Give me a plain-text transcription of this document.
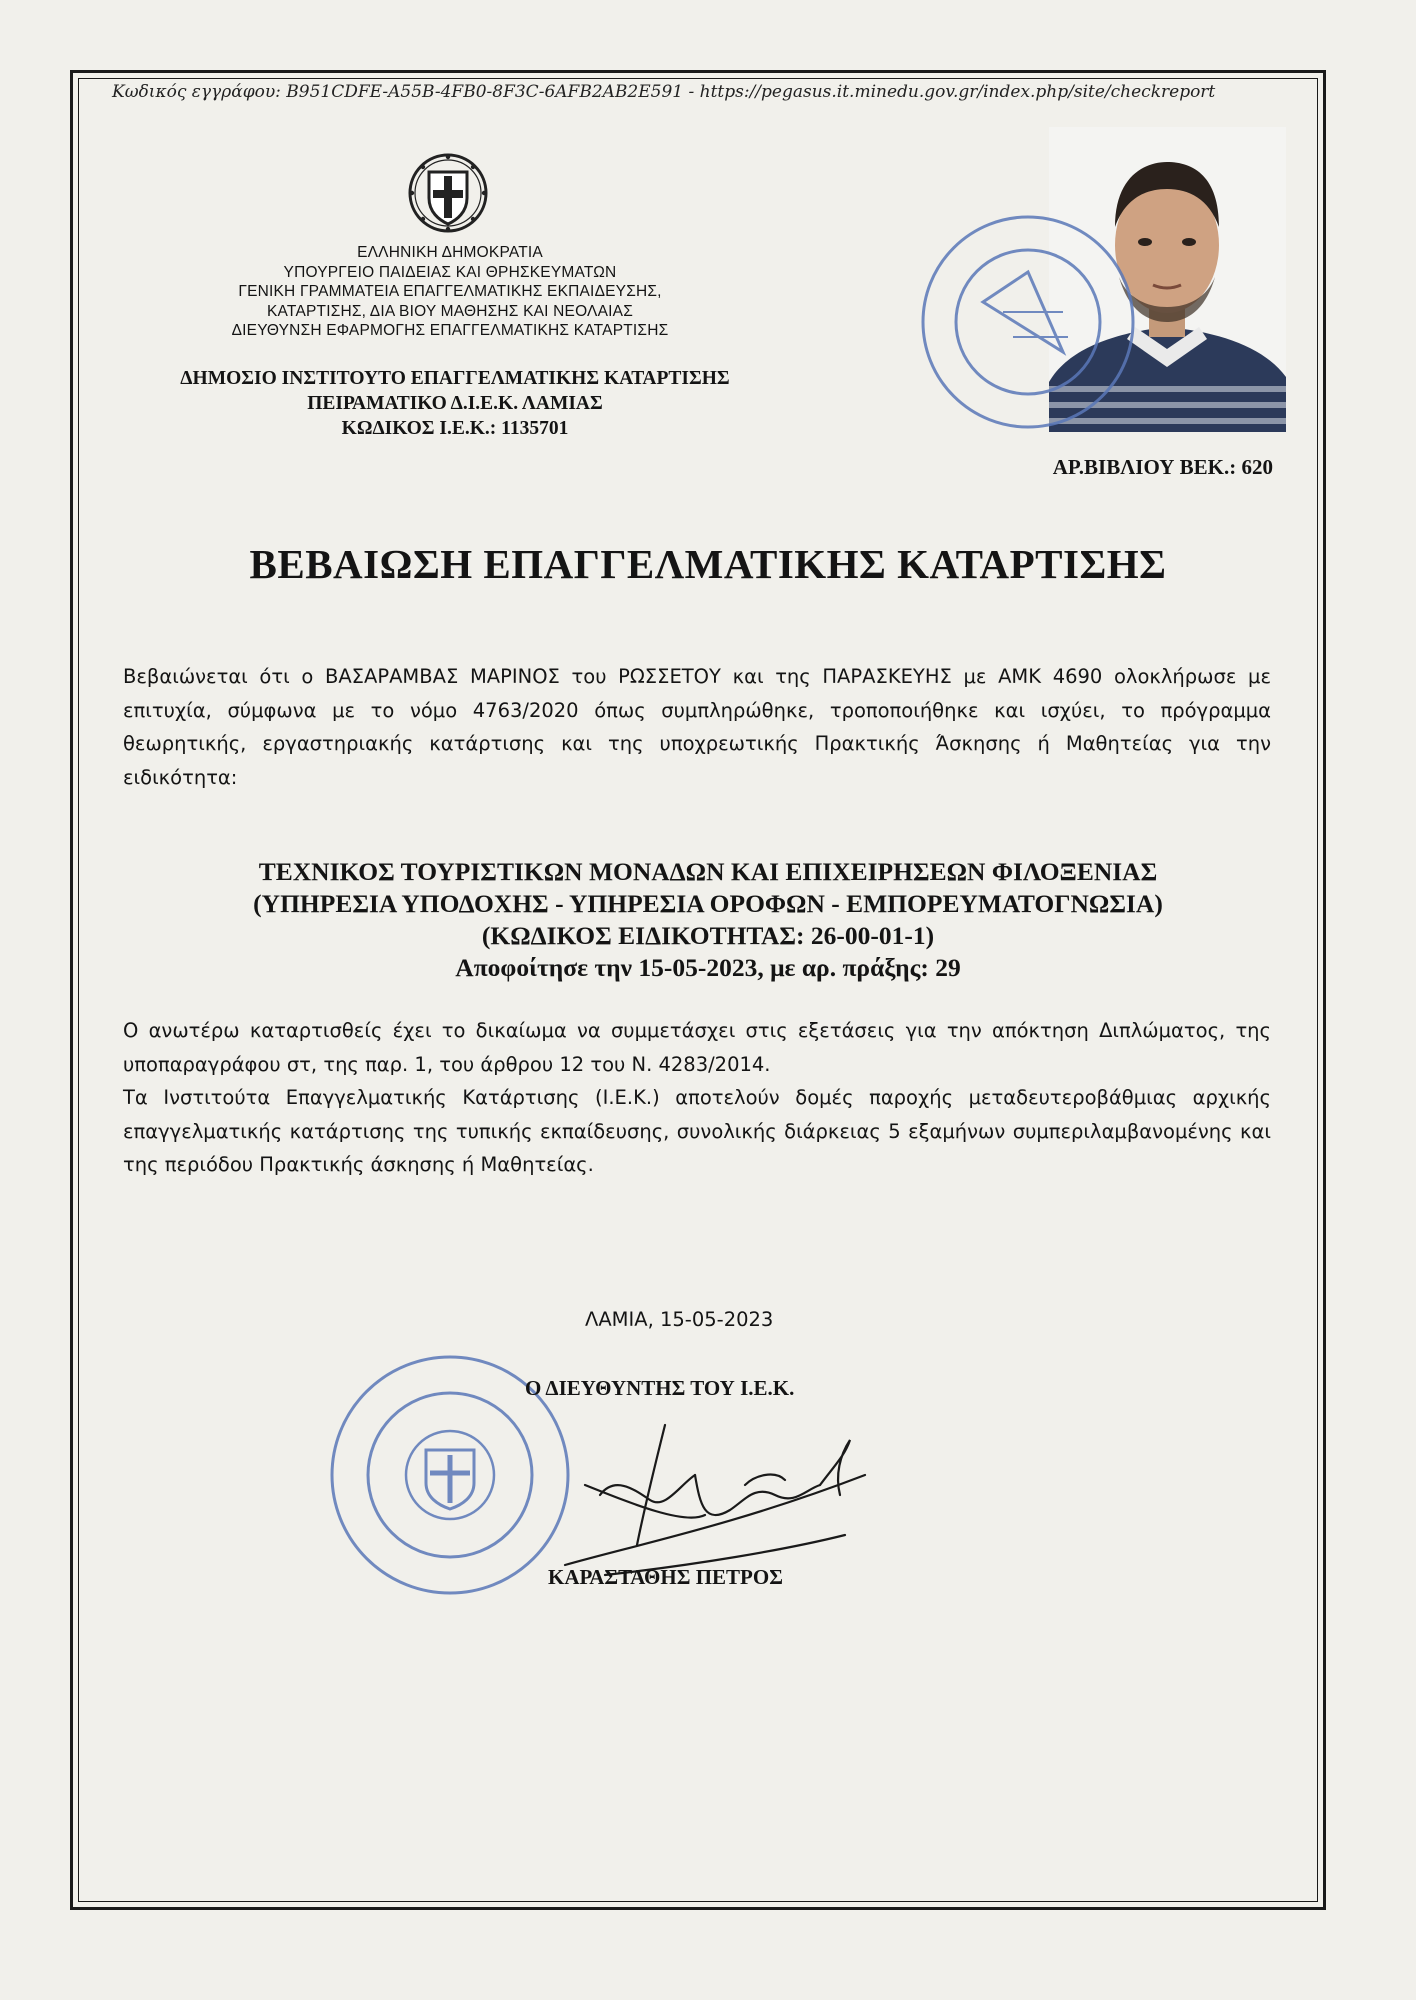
Κωδικός εγγράφου: B951CDFE-A55B-4FB0-8F3C-6AFB2AB2E591 - https://pegasus.it.minedu.gov.gr/index.php/site/checkreport
ΕΛΛΗΝΙΚΗ ΔΗΜΟΚΡΑΤΙΑ
ΥΠΟΥΡΓΕΙΟ ΠΑΙΔΕΙΑΣ ΚΑΙ ΘΡΗΣΚΕΥΜΑΤΩΝ
ΓΕΝΙΚΗ ΓΡΑΜΜΑΤΕΙΑ ΕΠΑΓΓΕΛΜΑΤΙΚΗΣ ΕΚΠΑΙΔΕΥΣΗΣ,
ΚΑΤΑΡΤΙΣΗΣ, ΔΙΑ ΒΙΟΥ ΜΑΘΗΣΗΣ ΚΑΙ ΝΕΟΛΑΙΑΣ
ΔΙΕΥΘΥΝΣΗ ΕΦΑΡΜΟΓΗΣ ΕΠΑΓΓΕΛΜΑΤΙΚΗΣ ΚΑΤΑΡΤΙΣΗΣ
ΔΗΜΟΣΙΟ ΙΝΣΤΙΤΟΥΤΟ ΕΠΑΓΓΕΛΜΑΤΙΚΗΣ ΚΑΤΑΡΤΙΣΗΣ
ΠΕΙΡΑΜΑΤΙΚΟ Δ.Ι.Ε.Κ. ΛΑΜΙΑΣ
ΚΩΔΙΚΟΣ Ι.Ε.Κ.: 1135701
ΑΡ.ΒΙΒΛΙΟΥ ΒΕΚ.: 620
ΒΕΒΑΙΩΣΗ ΕΠΑΓΓΕΛΜΑΤΙΚΗΣ ΚΑΤΑΡΤΙΣΗΣ
Βεβαιώνεται ότι ο ΒΑΣΑΡΑΜΒΑΣ ΜΑΡΙΝΟΣ του ΡΩΣΣΕΤΟΥ και της ΠΑΡΑΣΚΕΥΗΣ με ΑΜΚ 4690 ολοκλήρωσε με επιτυχία, σύμφωνα με το νόμο 4763/2020 όπως συμπληρώθηκε, τροποποιήθηκε και ισχύει, το πρόγραμμα θεωρητικής, εργαστηριακής κατάρτισης και της υποχρεωτικής Πρακτικής Άσκησης ή Μαθητείας για την ειδικότητα:
ΤΕΧΝΙΚΟΣ ΤΟΥΡΙΣΤΙΚΩΝ ΜΟΝΑΔΩΝ ΚΑΙ ΕΠΙΧΕΙΡΗΣΕΩΝ ΦΙΛΟΞΕΝΙΑΣ
(ΥΠΗΡΕΣΙΑ ΥΠΟΔΟΧΗΣ - ΥΠΗΡΕΣΙΑ ΟΡΟΦΩΝ - ΕΜΠΟΡΕΥΜΑΤΟΓΝΩΣΙΑ)
(ΚΩΔΙΚΟΣ ΕΙΔΙΚΟΤΗΤΑΣ: 26-00-01-1)
Αποφοίτησε την 15-05-2023, με αρ. πράξης: 29

Ο ανωτέρω καταρτισθείς έχει το δικαίωμα να συμμετάσχει στις εξετάσεις για την απόκτηση Διπλώματος, της υποπαραγράφου στ, της παρ. 1, του άρθρου 12 του Ν. 4283/2014.

Τα Ινστιτούτα Επαγγελματικής Κατάρτισης (Ι.Ε.Κ.) αποτελούν δομές παροχής μεταδευτεροβάθμιας αρχικής επαγγελματικής κατάρτισης της τυπικής εκπαίδευσης, συνολικής διάρκειας 5 εξαμήνων συμπεριλαμβανομένης και της περιόδου Πρακτικής άσκησης ή Μαθητείας.

ΛΑΜΙΑ, 15-05-2023
Ο ΔΙΕΥΘΥΝΤΗΣ ΤΟΥ Ι.Ε.Κ.
ΚΑΡΑΣΤΑΘΗΣ ΠΕΤΡΟΣ
